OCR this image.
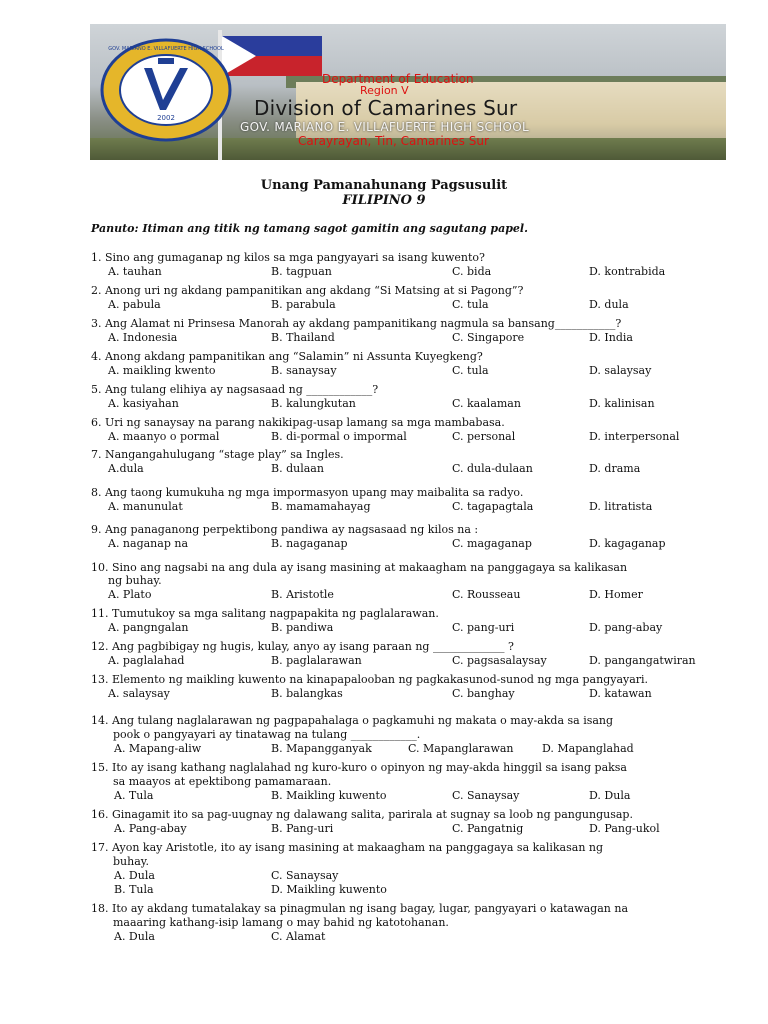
2002
GOV. MARIANO E. VILLAFUERTE HIGH SCHOOL
Department of Education
Region V
Division of Camarines Sur
GOV. MARIANO E. VILLAFUERTE HIGH SCHOOL
Carayrayan, Tin, Camarines Sur
Unang Pamanahunang Pagsusulit
FILIPINO 9
Panuto: Itiman ang titik ng tamang sagot gamitin ang sagutang papel.
1. Sino ang gumaganap ng kilos sa mga pangyayari sa isang kuwento?
A. tauhan	B. tagpuan	C. bida	D. kontrabida
2. Anong uri ng akdang pampanitikan ang akdang “Si Matsing at si Pagong”?
A. pabula	B. parabula	C. tula	D. dula
3. Ang Alamat ni Prinsesa Manorah ay akdang pampanitikang nagmula sa bansang___________?
A. Indonesia	B. Thailand	C. Singapore	D. India
4. Anong akdang pampanitikan ang “Salamin” ni Assunta Kuyegkeng?
A. maikling kwento	B. sanaysay	C. tula	D. salaysay
5. Ang tulang elihiya ay nagsasaad ng ____________?
A. kasiyahan	B. kalungkutan	C. kaalaman	D. kalinisan
6. Uri ng sanaysay na parang nakikipag-usap lamang sa mga mambabasa.
A. maanyo o pormal	B. di-pormal o impormal	C. personal	D. interpersonal
7. Nangangahulugang “stage play” sa Ingles.
A.dula	B. dulaan	C. dula-dulaan	D. drama
8. Ang taong kumukuha ng mga impormasyon upang may maibalita sa radyo.
A. manunulat	B. mamamahayag	C. tagapagtala	D. litratista
9. Ang panaganong perpektibong pandiwa ay nagsasaad ng kilos na :
A. naganap na	B. nagaganap	C. magaganap	D. kagaganap
10. Sino ang nagsabi na ang dula ay isang masining at makaagham na panggagaya sa kalikasan
ng buhay.
A. Plato	B. Aristotle	C. Rousseau	D. Homer
11. Tumutukoy sa mga salitang nagpapakita ng paglalarawan.
A. pangngalan	B. pandiwa	C. pang-uri	D. pang-abay
12. Ang pagbibigay ng hugis, kulay, anyo ay isang paraan ng _____________ ?
A. paglalahad	B. paglalarawan	C. pagsasalaysay	D. pangangatwiran
13. Elemento ng maikling kuwento na kinapapalooban ng pagkakasunod-sunod ng mga pangyayari.
A. salaysay	B. balangkas	C. banghay	D. katawan
14. Ang tulang naglalarawan ng pagpapahalaga o pagkamuhi ng makata o may-akda sa isang
pook o pangyayari ay tinatawag na tulang ____________.
A. Mapang-aliw	B. Mapangganyak	C. Mapanglarawan	D. Mapanglahad
15. Ito ay isang kathang naglalahad ng kuro-kuro o opinyon ng may-akda hinggil sa isang paksa
sa maayos at epektibong pamamaraan.
A. Tula	B. Maikling kuwento	C. Sanaysay	D. Dula
16. Ginagamit ito sa pag-uugnay ng dalawang salita, parirala at sugnay sa loob ng pangungusap.
A. Pang-abay	B. Pang-uri	C. Pangatnig	D. Pang-ukol
17. Ayon kay Aristotle, ito ay isang masining at makaagham na panggagaya sa kalikasan ng
buhay.
A. Dula	C. Sanaysay
B. Tula	D. Maikling kuwento
18. Ito ay akdang tumatalakay sa pinagmulan ng isang bagay, lugar, pangyayari o katawagan na
maaaring kathang-isip lamang o may bahid ng katotohanan.
A. Dula	C. Alamat
